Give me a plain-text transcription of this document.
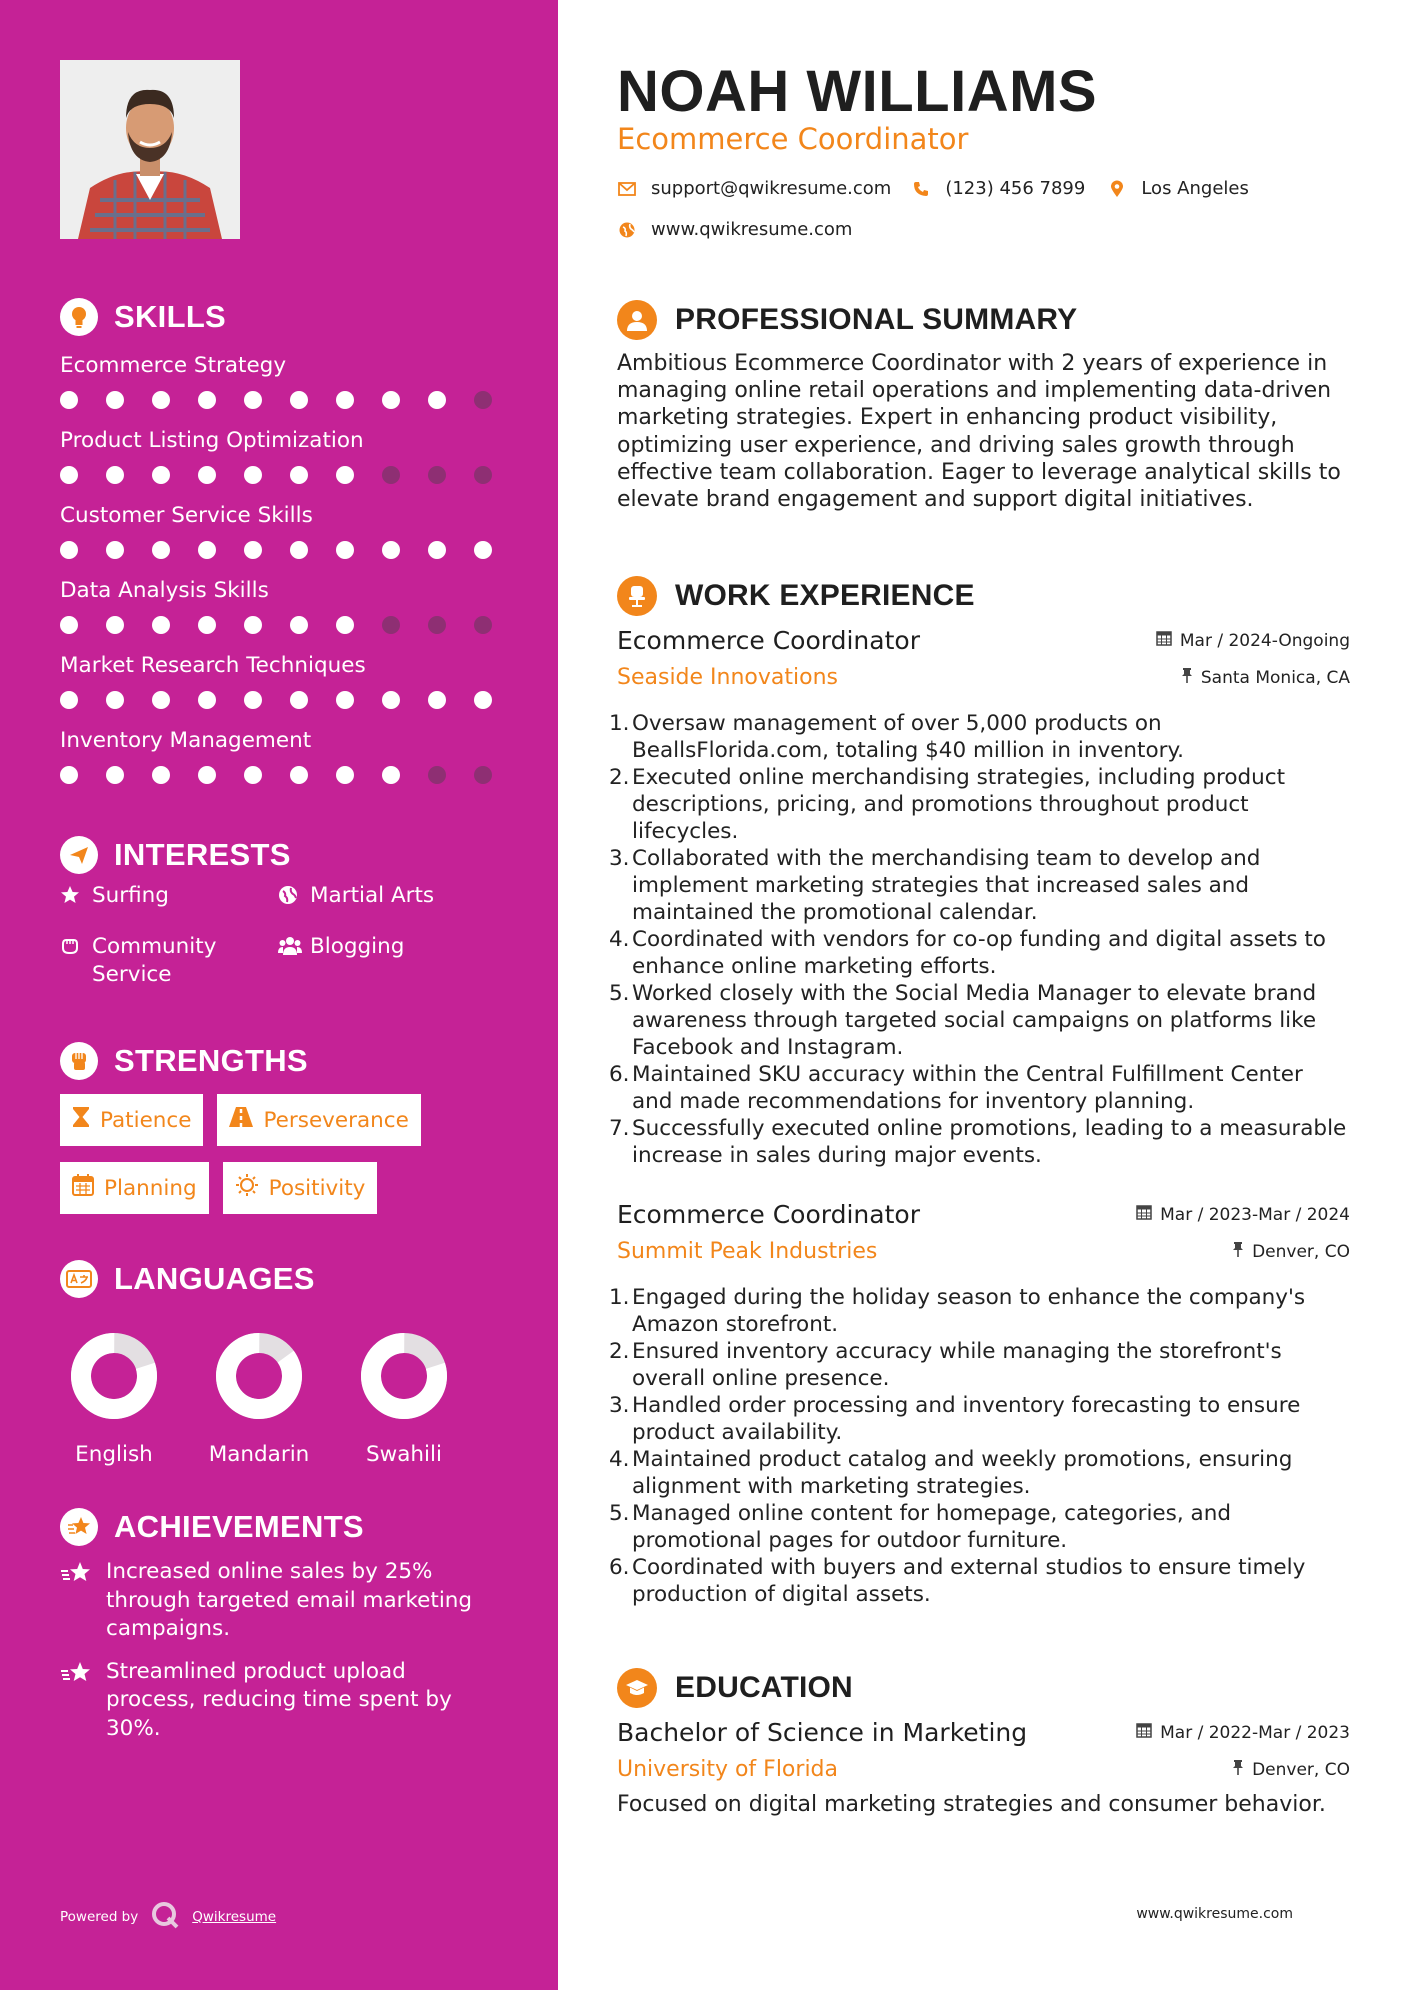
SKILLS
Ecommerce Strategy
Product Listing Optimization
Customer Service Skills
Data Analysis Skills
Market Research Techniques
Inventory Management
INTERESTS
Surfing	Martial Arts
Community Service
Blogging
STRENGTHS
Patience	Perseverance
Planning	Positivity
LANGUAGES
English	Mandarin	Swahili
ACHIEVEMENTS
Increased online sales by 25% through targeted email marketing campaigns.
Streamlined product upload process, reducing time spent by 30%.
Powered by	Qwikresume
NOAH WILLIAMS
Ecommerce Coordinator
support@qwikresume.com	(123) 456 7899	Los Angeles
www.qwikresume.com
PROFESSIONAL SUMMARY
Ambitious Ecommerce Coordinator with 2 years of experience in managing online retail operations and implementing data-driven marketing strategies. Expert in enhancing product visibility, optimizing user experience, and driving sales growth through effective team collaboration. Eager to leverage analytical skills to elevate brand engagement and support digital initiatives.
WORK EXPERIENCE
Ecommerce Coordinator	Mar / 2024-Ongoing
Seaside Innovations	Santa Monica, CA
1. Oversaw management of over 5,000 products on BeallsFlorida.com, totaling $40 million in inventory.
2. Executed online merchandising strategies, including product descriptions, pricing, and promotions throughout product lifecycles.
3. Collaborated with the merchandising team to develop and implement marketing strategies that increased sales and maintained the promotional calendar.
4. Coordinated with vendors for co-op funding and digital assets to enhance online marketing efforts.
5. Worked closely with the Social Media Manager to elevate brand awareness through targeted social campaigns on platforms like Facebook and Instagram.
6. Maintained SKU accuracy within the Central Fulfillment Center and made recommendations for inventory planning.
7. Successfully executed online promotions, leading to a measurable increase in sales during major events.
Ecommerce Coordinator	Mar / 2023-Mar / 2024
Summit Peak Industries	Denver, CO
1. Engaged during the holiday season to enhance the company's Amazon storefront.
2. Ensured inventory accuracy while managing the storefront's overall online presence.
3. Handled order processing and inventory forecasting to ensure product availability.
4. Maintained product catalog and weekly promotions, ensuring alignment with marketing strategies.
5. Managed online content for homepage, categories, and promotional pages for outdoor furniture.
6. Coordinated with buyers and external studios to ensure timely production of digital assets.
EDUCATION
Bachelor of Science in Marketing	Mar / 2022-Mar / 2023
University of Florida	Denver, CO
Focused on digital marketing strategies and consumer behavior.
www.qwikresume.com
